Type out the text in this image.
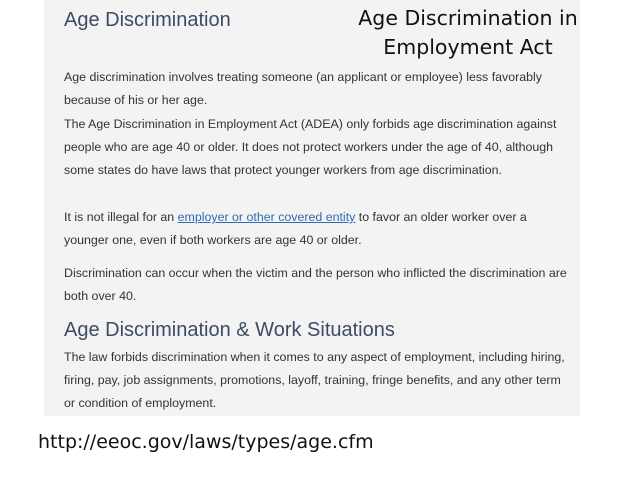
Age Discrimination
Age discrimination involves treating someone (an applicant or employee) less favorably because of his or her age.
The Age Discrimination in Employment Act (ADEA) only forbids age discrimination against people who are age 40 or older. It does not protect workers under the age of 40, although some states do have laws that protect younger workers from age discrimination.
It is not illegal for an employer or other covered entity to favor an older worker over a younger one, even if both workers are age 40 or older.
Discrimination can occur when the victim and the person who inflicted the discrimination are both over 40.
Age Discrimination & Work Situations
The law forbids discrimination when it comes to any aspect of employment, including hiring, firing, pay, job assignments, promotions, layoff, training, fringe benefits, and any other term or condition of employment.
Age Discrimination in
Employment Act
http://eeoc.gov/laws/types/age.cfm
